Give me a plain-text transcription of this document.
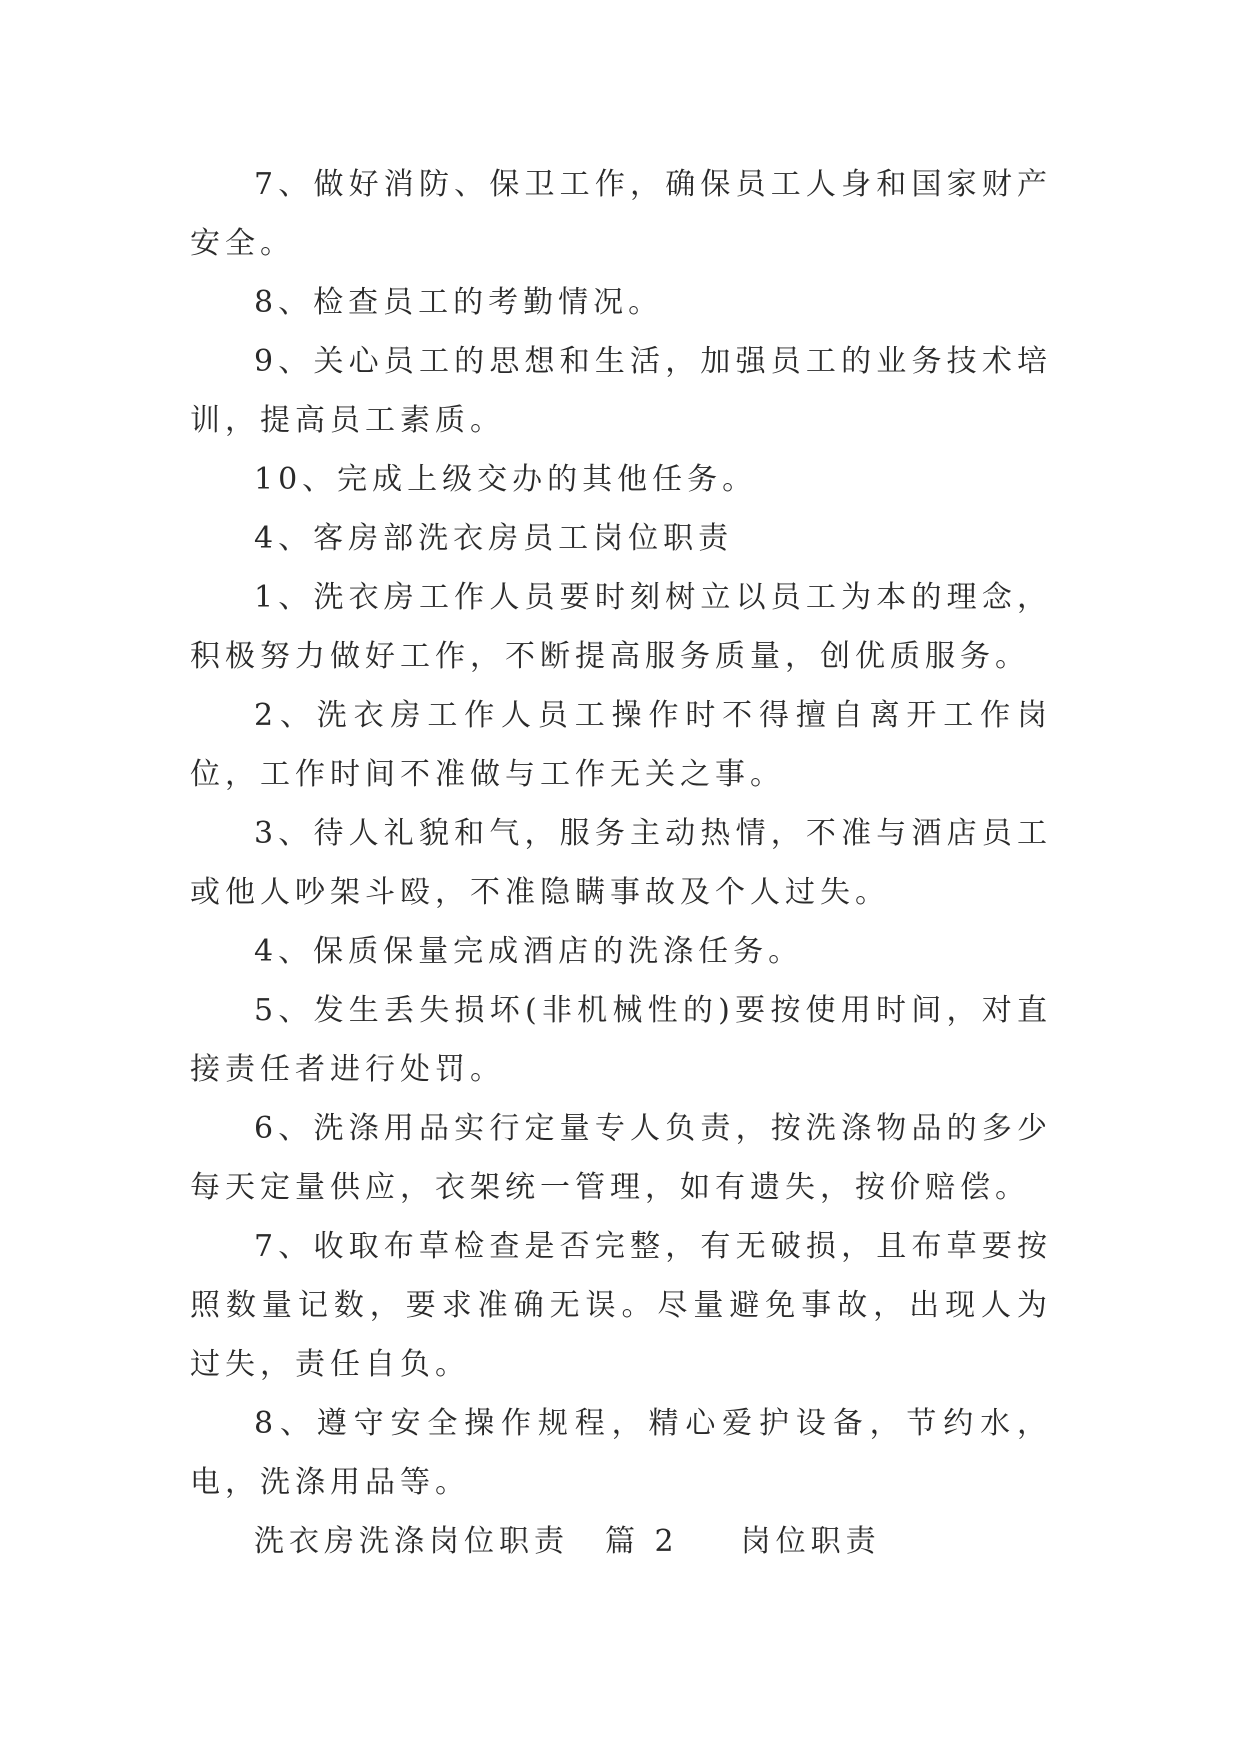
7、做好消防、保卫工作，确保员工人身和国家财产安全。

8、检查员工的考勤情况。

9、关心员工的思想和生活，加强员工的业务技术培训，提高员工素质。

10、完成上级交办的其他任务。

4、客房部洗衣房员工岗位职责

1、洗衣房工作人员要时刻树立以员工为本的理念，积极努力做好工作，不断提高服务质量，创优质服务。

2、洗衣房工作人员工操作时不得擅自离开工作岗位，工作时间不准做与工作无关之事。

3、待人礼貌和气，服务主动热情，不准与酒店员工或他人吵架斗殴，不准隐瞒事故及个人过失。

4、保质保量完成酒店的洗涤任务。

5、发生丢失损坏(非机械性的)要按使用时间，对直接责任者进行处罚。

6、洗涤用品实行定量专人负责，按洗涤物品的多少每天定量供应，衣架统一管理，如有遗失，按价赔偿。

7、收取布草检查是否完整，有无破损，且布草要按照数量记数，要求准确无误。尽量避免事故，出现人为过失，责任自负。

8、遵守安全操作规程，精心爱护设备，节约水，电，洗涤用品等。

洗衣房洗涤岗位职责 篇 2 岗位职责
